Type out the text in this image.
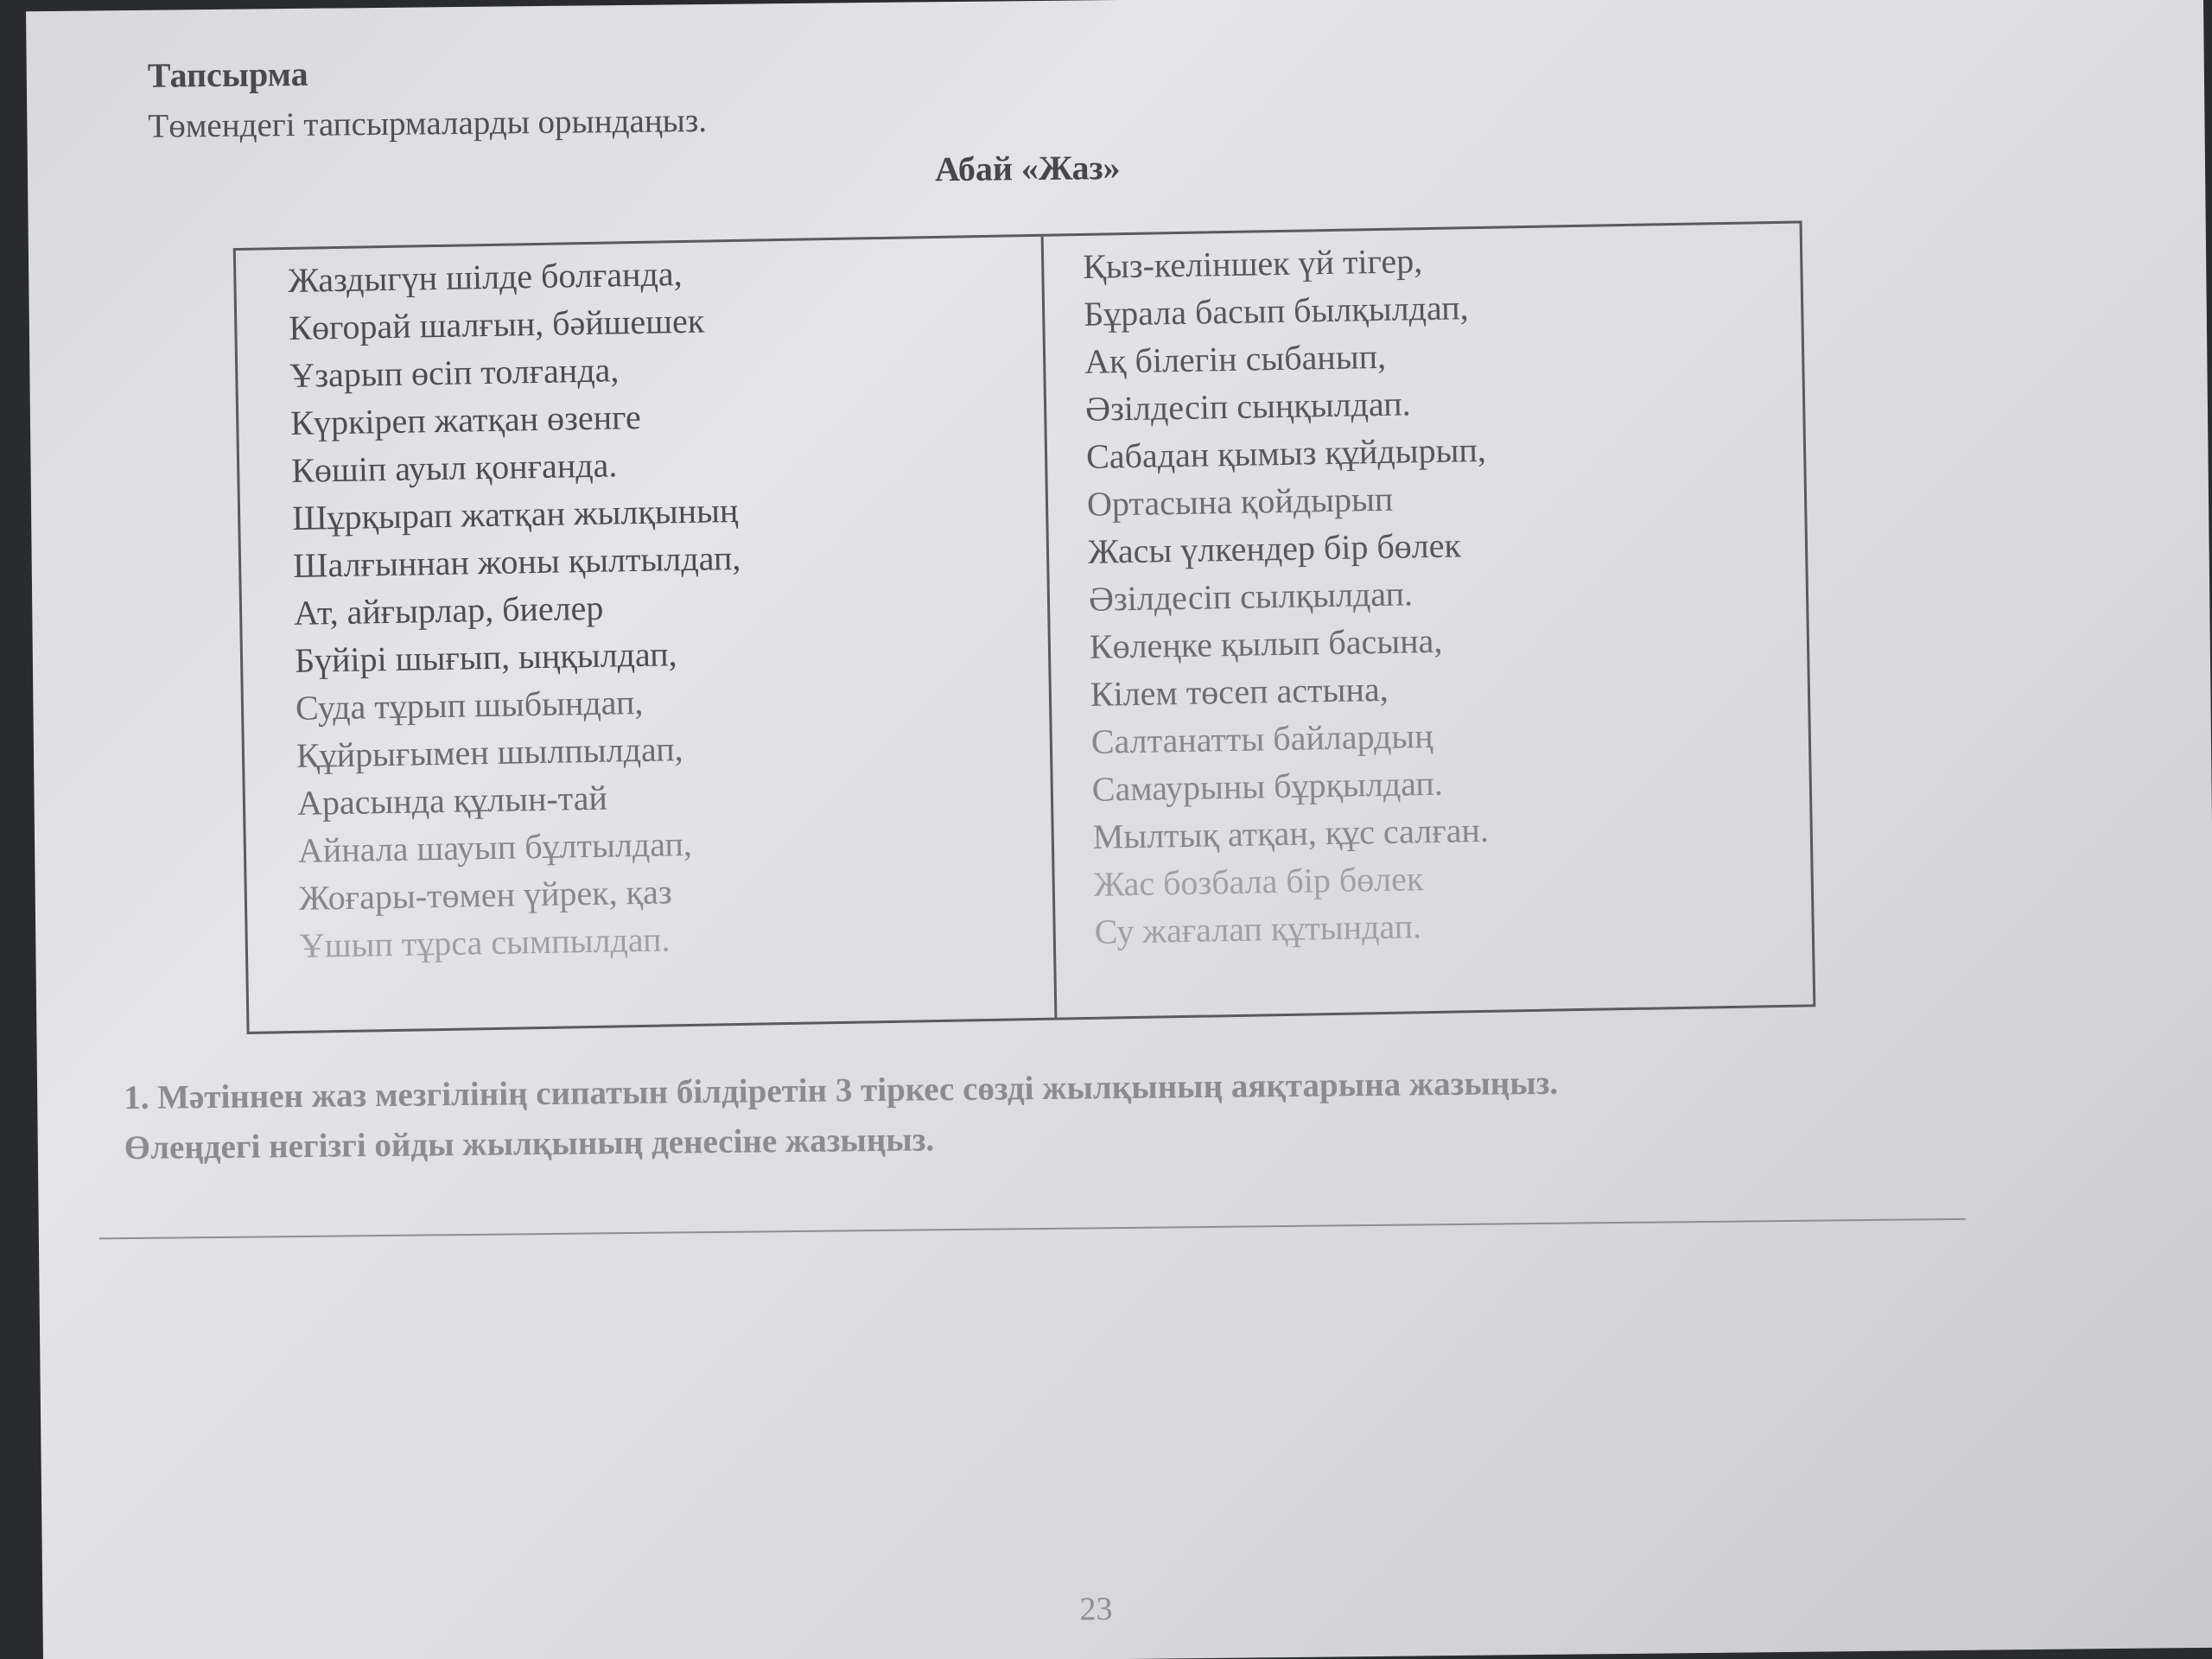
Тапсырма
Төмендегі тапсырмаларды орындаңыз.
Абай «Жаз»
Жаздыгүн шілде болғанда,
Көгорай шалғын, бәйшешек
Ұзарып өсіп толғанда,
Күркіреп жатқан өзенге
Көшіп ауыл қонғанда.
Шұрқырап жатқан жылқының
Шалғыннан жоны қылтылдап,
Ат, айғырлар, биелер
Бүйірі шығып, ыңқылдап,
Суда тұрып шыбындап,
Құйрығымен шылпылдап,
Арасында құлын-тай
Айнала шауып бұлтылдап,
Жоғары-төмен үйрек, қаз
Ұшып тұрса сымпылдап.
Қыз-келіншек үй тігер,
Бұрала басып былқылдап,
Ақ білегін сыбанып,
Әзілдесіп сыңқылдап.
Сабадан қымыз құйдырып,
Ортасына қойдырып
Жасы үлкендер бір бөлек
Әзілдесіп сылқылдап.
Көлеңке қылып басына,
Кілем төсеп астына,
Салтанатты байлардың
Самаурыны бұрқылдап.
Мылтық атқан, құс салған.
Жас бозбала бір бөлек
Су жағалап құтындап.
1. Мәтіннен жаз мезгілінің сипатын білдіретін 3 тіркес сөзді жылқының аяқтарына жазыңыз.
Өлеңдегі негізгі ойды жылқының денесіне жазыңыз.
23
